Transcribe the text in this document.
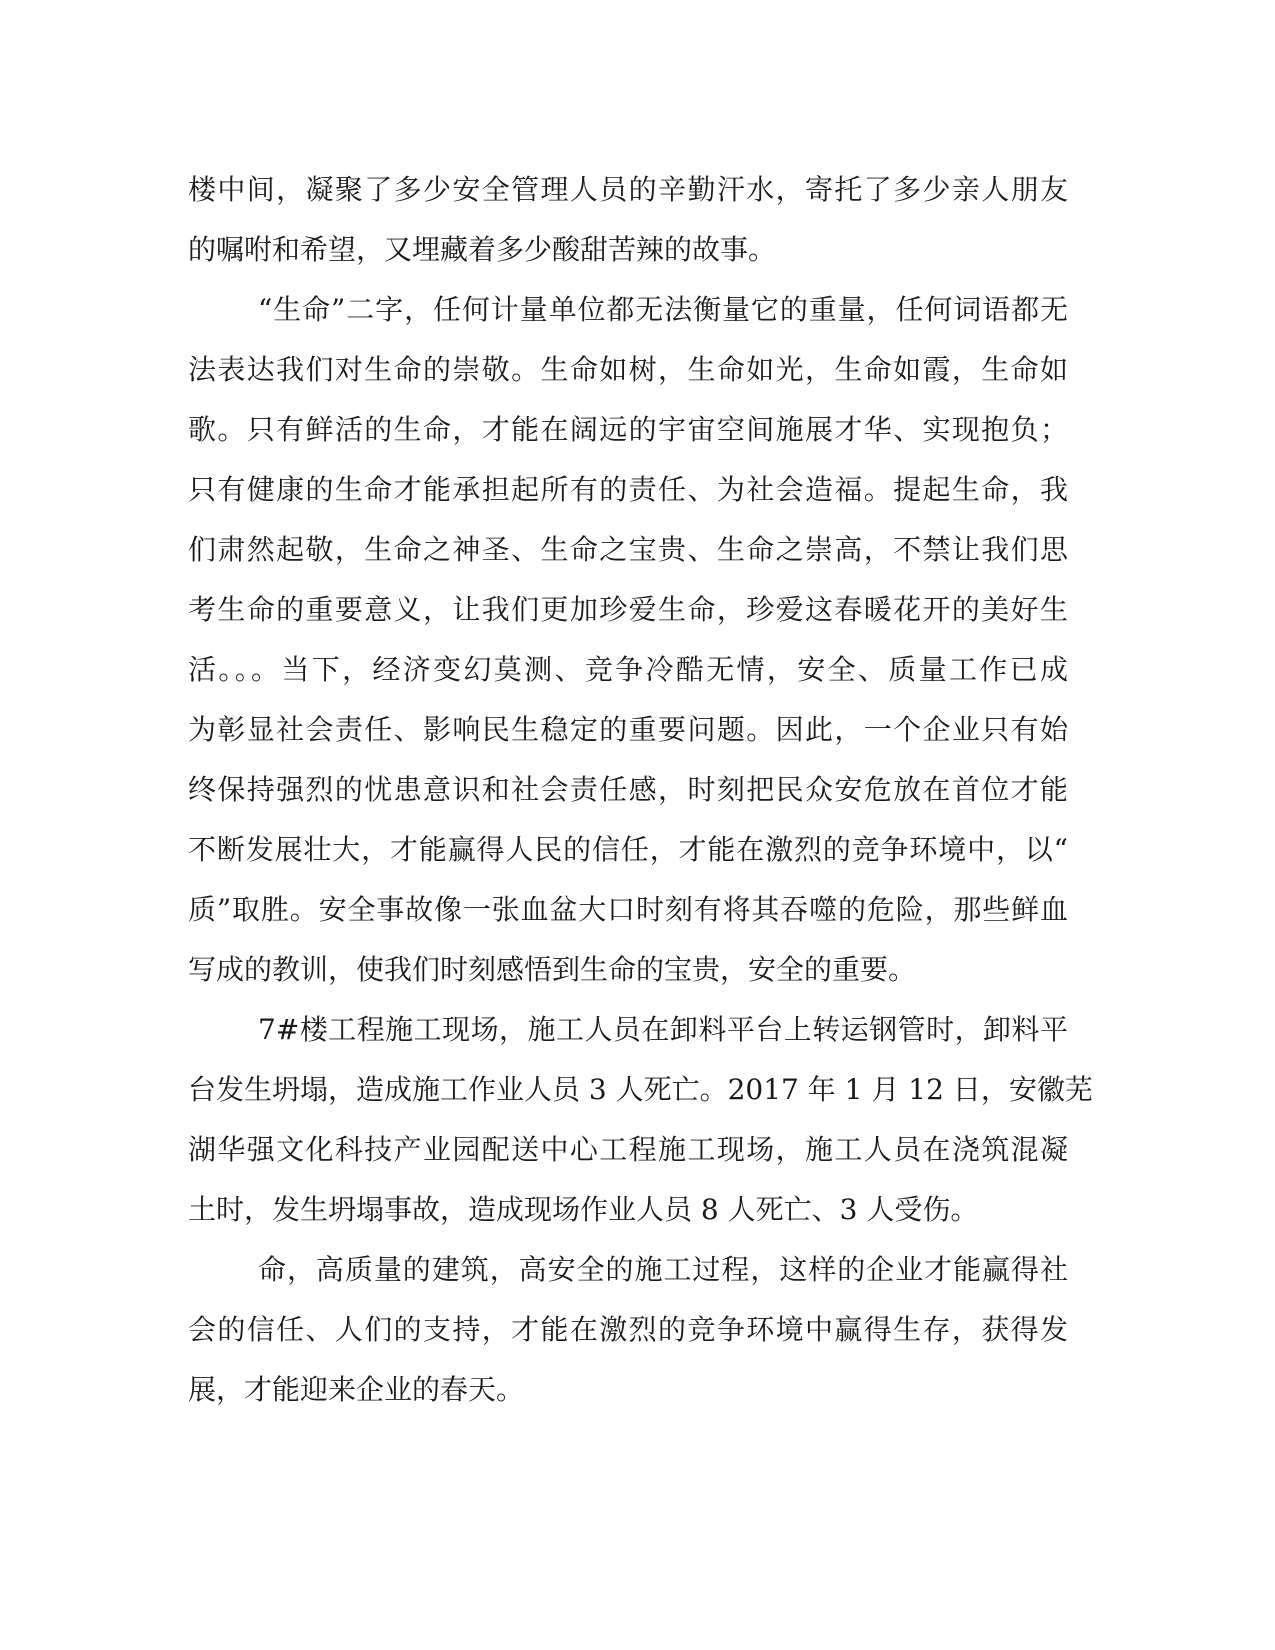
楼中间，凝聚了多少安全管理人员的辛勤汗水，寄托了多少亲人朋友
的嘱咐和希望，又埋藏着多少酸甜苦辣的故事。
“生命”二字，任何计量单位都无法衡量它的重量，任何词语都无
法表达我们对生命的崇敬。生命如树，生命如光，生命如霞，生命如
歌。只有鲜活的生命，才能在阔远的宇宙空间施展才华、实现抱负；
只有健康的生命才能承担起所有的责任、为社会造福。提起生命，我
们肃然起敬，生命之神圣、生命之宝贵、生命之崇高，不禁让我们思
考生命的重要意义，让我们更加珍爱生命，珍爱这春暖花开的美好生
活。。。当下，经济变幻莫测、竞争冷酷无情，安全、质量工作已成
为彰显社会责任、影响民生稳定的重要问题。因此，一个企业只有始
终保持强烈的忧患意识和社会责任感，时刻把民众安危放在首位才能
不断发展壮大，才能赢得人民的信任，才能在激烈的竞争环境中，以“
质”取胜。安全事故像一张血盆大口时刻有将其吞噬的危险，那些鲜血
写成的教训，使我们时刻感悟到生命的宝贵，安全的重要。
7#楼工程施工现场，施工人员在卸料平台上转运钢管时，卸料平
台发生坍塌，造成施工作业人员 3 人死亡。2017 年 1 月 12 日，安徽芜
湖华强文化科技产业园配送中心工程施工现场，施工人员在浇筑混凝
土时，发生坍塌事故，造成现场作业人员 8 人死亡、3 人受伤。
命，高质量的建筑，高安全的施工过程，这样的企业才能赢得社
会的信任、人们的支持，才能在激烈的竞争环境中赢得生存，获得发
展，才能迎来企业的春天。
